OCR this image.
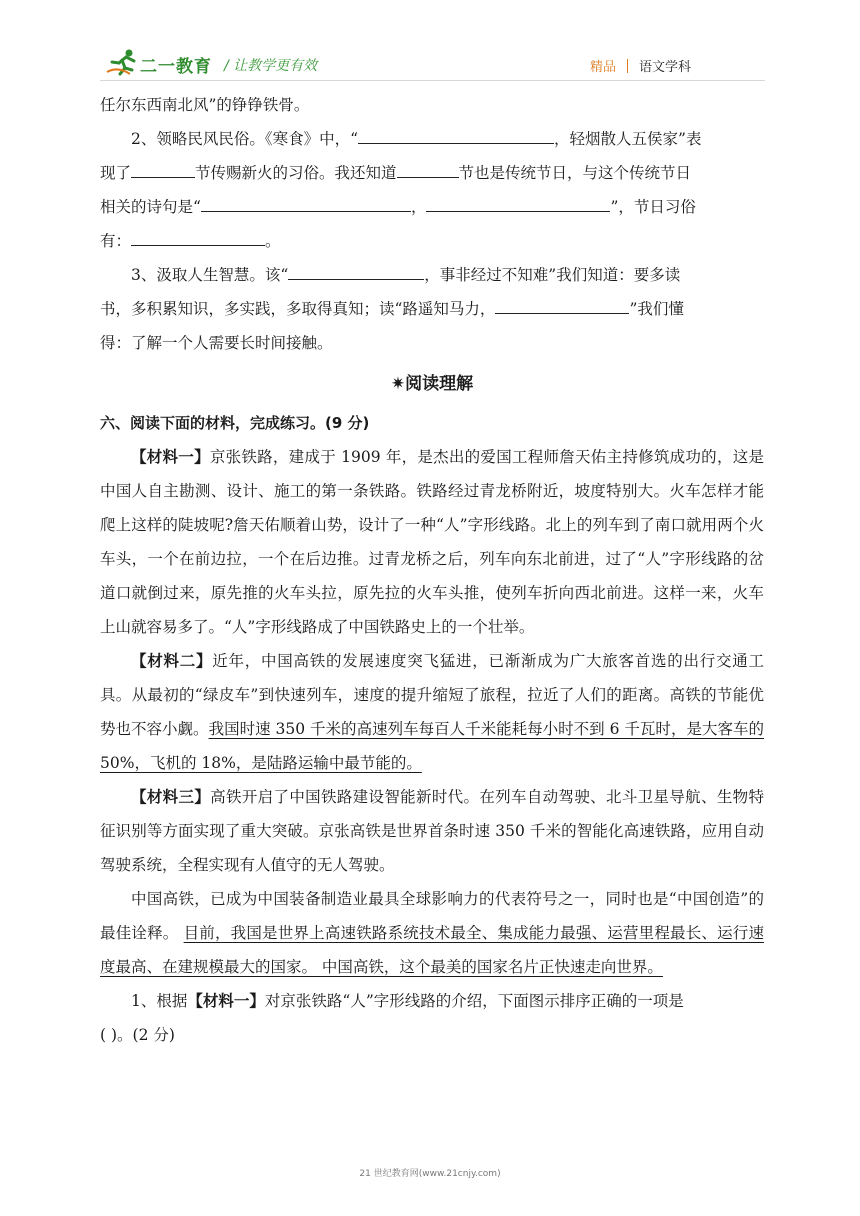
二一教育 / 让教学更有效	精品 语文学科

任尔东西南北风”的铮铮铁骨。

2、领略民风民俗。《寒食》中，“	，轻烟散人五侯家”表

现了	节传赐新火的习俗。我还知道	节也是传统节日，与这个传统节日

相关的诗句是“	，	”，节日习俗

有：	。

3、汲取人生智慧。该“	，事非经过不知难”我们知道：要多读

书，多积累知识，多实践，多取得真知；读“路遥知马力，	”我们懂

得：了解一个人需要长时间接触。

✷阅读理解

六、阅读下面的材料，完成练习。(9 分)

【材料一】京张铁路，建成于 1909 年，是杰出的爱国工程师詹天佑主持修筑成功的，这是中国人自主勘测、设计、施工的第一条铁路。铁路经过青龙桥附近，坡度特别大。火车怎样才能爬上这样的陡坡呢?詹天佑顺着山势，设计了一种“人”字形线路。北上的列车到了南口就用两个火车头，一个在前边拉，一个在后边推。过青龙桥之后，列车向东北前进，过了“人”字形线路的岔道口就倒过来，原先推的火车头拉，原先拉的火车头推，使列车折向西北前进。这样一来，火车上山就容易多了。“人”字形线路成了中国铁路史上的一个壮举。

【材料二】近年，中国高铁的发展速度突飞猛进，已渐渐成为广大旅客首选的出行交通工具。从最初的“绿皮车”到快速列车，速度的提升缩短了旅程，拉近了人们的距离。高铁的节能优势也不容小觑。我国时速 350 千米的高速列车每百人千米能耗每小时不到 6 千瓦时，是大客车的 50%，飞机的 18%，是陆路运输中最节能的。

【材料三】高铁开启了中国铁路建设智能新时代。在列车自动驾驶、北斗卫星导航、生物特征识别等方面实现了重大突破。京张高铁是世界首条时速 350 千米的智能化高速铁路，应用自动驾驶系统，全程实现有人值守的无人驾驶。

中国高铁，已成为中国装备制造业最具全球影响力的代表符号之一，同时也是“中国创造”的最佳诠释。 目前，我国是世界上高速铁路系统技术最全、集成能力最强、运营里程最长、运行速度最高、在建规模最大的国家。 中国高铁，这个最美的国家名片正快速走向世界。

1、根据【材料一】对京张铁路“人”字形线路的介绍，下面图示排序正确的一项是

( )。(2 分)

21 世纪教育网(www.21cnjy.com)
